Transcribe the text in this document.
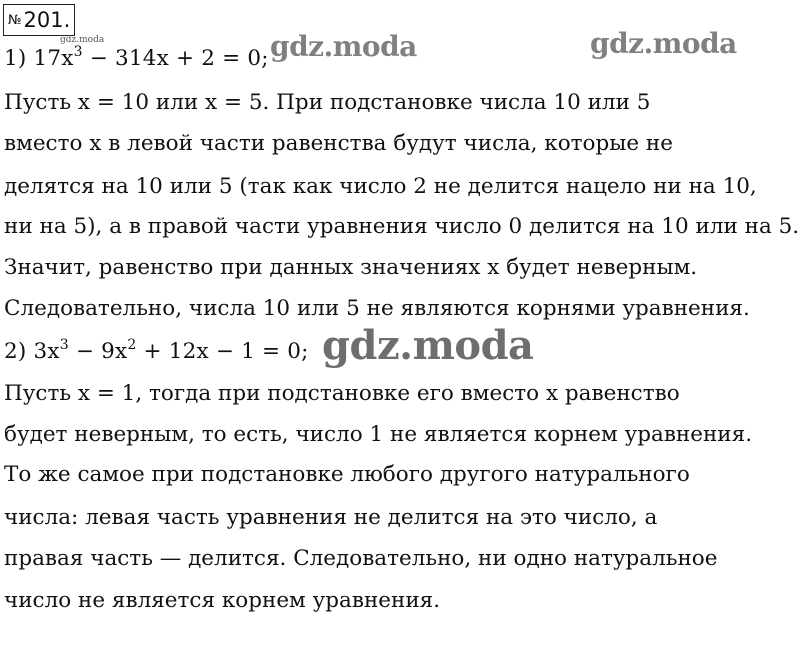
№201.
gdz.moda
1) $17x^3 - 314x + 2 = 0$; gdz.moda	gdz.moda
Пусть x = 10 или x = 5. При подстановке числа 10 или 5
вместо x в левой части равенства будут числа, которые не
делятся на 10 или 5 (так как число 2 не делится нацело ни на 10,
ни на 5), а в правой части уравнения число 0 делится на 10 или на 5.
Значит, равенство при данных значениях x будет неверным.
Следовательно, числа 10 или 5 не являются корнями уравнения.
2) $3x^3 - 9x^2 + 12x - 1 = 0$; gdz.moda
Пусть x = 1, тогда при подстановке его вместо x равенство
будет неверным, то есть, число 1 не является корнем уравнения.
То же самое при подстановке любого другого натурального
числа: левая часть уравнения не делится на это число, а
правая часть — делится. Следовательно, ни одно натуральное
число не является корнем уравнения.
